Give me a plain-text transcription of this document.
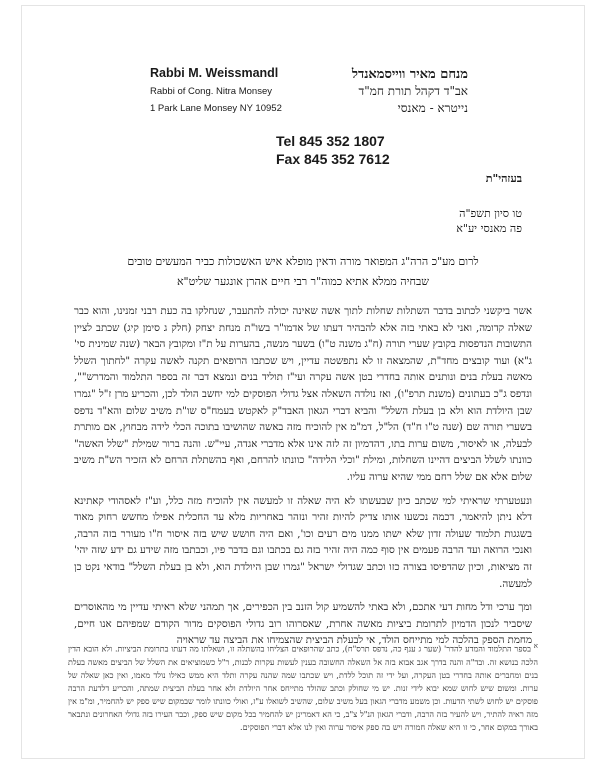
Rabbi M. Weissmandl
Rabbi of Cong. Nitra Monsey
1 Park Lane Monsey NY 10952
מנחם מאיר ווייסמאנדל
אב"ד דקהל תורת חמ"ד
נייטרא - מאנסי
Tel 845 352 1807
Fax 845 352 7612
בעזהי"ת
טו סיון תשפ"ה
פה מאנסי יע"א
לרום מע"כ הרה"ג המפואר מורה ודאין מופלא איש האשכולות כביר המעשים טובים
שבחיה ממלא אתיא כמוה"ר רבי חיים אהרן אונגער שליט"א

אשר ביקשני לכתוב בדבר השתלות שחלות לתוך אשה שאינה יכולה להתעבר, שנחלקו בה כעת רבני זמנינו, והוא כבר שאלה קדומה, ואני לא באתי בזה אלא להבהיר דעתו של אדמו"ר בשו"ת מנחת יצחק (חלק ג סימן קיג) שכתב לציין התשובות הנדפסות בקובץ שערי תורה (ח"ג משנה ט"ו) בשער מנשה, בהערות על ת"ז ומקובץ הבאר (שנה שמינית סי' ג"א) ועוד קובצים מחד"ת, שהמצאה זו לא נתפשטה עדיין, ויש שכתבו הרופאים תקנה לאשה עקרה "לחתוך השלל מאשה בעלת בנים ונותנים אותה בחדרי בטן אשה עקרה ועי"ז תוליד בנים ונמצא דבר זה בספר התלמוד והמדרש"", ונדפס ג"כ בעתונים (משנת תרפ"ו), ואז נולדה השאלה אצל גדולי הפוסקים למי יחשב הולד לכן, והכריע מרן ז"ל "גמרו שבן היולדת הוא ולא בן בעלת השלל" והביא דברי הגאון האבד"ק לאקטש בעמח"ס שו"ת משיב שלום והא"ד נדפס בשערי תורה שם (שנה ט"ו ח"ד) הל"ל, דמ"מ אין להוכיח מזה באשה שהושיבו בתוכה הכלי לידה מבחוץ, אם מותרת לבעלה, או לאיסור, משום ערות בתו, דהדמיון זה לזה אינו אלא מדברי אגדה, עיי"ש. והנה ברור שמילת "שלל האשה" כוונתו לשלל הביצים דהיינו השחלות, ומילת "וכלי הלידה" כוונתו להרחם, ואף בהשתלת הרחם לא הזכיר הש"ת משיב שלום אלא אם שלל רחם ממי שהיא ערוה עליו.

ונעטערתי שראיתי למי שכתב כיון שבעשתו לא היה שאלה זו למעשה אין להוכיח מזה כלל, וע"ז לאסהודי קאתינא דלא ניתן להיאמר, דכמה נכשעו אותו צדיק להיות זהיר ונזהר באחריות מלא עד החכלית אפילו מחשש רחוק מאוד בשגגות תלמוד שעולה זדון שלא ישתו ממנו מים רעים וכו', ואם היה חושש שיש בזה איסור ח"ו מעורר בזה הרבה, ואנכי הרואה ועד הרבה פעמים אין סוף כמה היה זהיר בזה גם בכתבו וגם בדבר פיו, וכבתבו מזה שידע גם ידע שזה יהי' זה מציאות, וכיון שהדפיסו בצורה כזו וכתב שגדולי ישראל "גמרו שבן היולדת הוא, ולא בן בעלת השלל" בודאי נקט כן למעשה.

ומך ערכי ודל מחות דעי אתכם, ולא באתי להשמיע קול הזנב בין הכפירים, אך תמהני שלא ראיתי עדיין מי מהאוסרים שיסביר לנכון הדמיון לתרומת ביציות מאשה אחרת, שאסרוהו רוב גדולי הפוסקים מדור הקודם שמפיהם אנו חיים, מחמת הספק בהלכה למי מתייחס הולד, אי לבעלת הביצית שהצמיחו את הביצה עד שראויה א בספר התלמוד והמדע להדר' (שער ג ענף כה, נדפס תרס"ח), כתב שהרופאים הצליחו בהשתלה זו, ושאלתו מה דעתו בתרומת הביציות. ולא הובא הדין הלכה בנושא זה. ובד"ה והנה בדרך אגב אבוא בזה אל השאלה החשובה בענין לעשות עקרות לבנות, ר"ל כשמוציאים את השלל של הביצים מאשה בעלת בנים ומחברים אותה בחדרי בטן העקרה, ועל ידי זה תוכל ללדת, ויש שכתבו שמה שהנה עקרה ותלד היא ממש כאילו נולד מאמו, ואין כאן שאלה של ערות. ומשום שיש לחוש שמא יבוא לידי זנות. יש מי שחולק וכתב שהולד מתייחס אחר היולדת ולא אחר בעלת הביצית שמתה, והכריע דלדעת הרבה פוסקים יש לחוש לשתי הדעות. וכן משמע מדברי הגאון בעל משיב שלום, שהשיב לשואלו ע"ז, ואולי כוונתו לומר שבמקום שיש ספק יש להחמיר, ומ"מ אין מזה ראיה להתיר, ויש להעיר בזה הרבה, ודברי הגאון הנ"ל צ"ב, כי הא דאמרינן יש להחמיר בכל מקום שיש ספק, וכבר העירו בזה גדולי האחרונים ונתבאר באורך במקום אחר, כי זו היא שאלה חמורה ויש בה ספק איסור ערוה ואין לנו אלא דברי הפוסקים.
